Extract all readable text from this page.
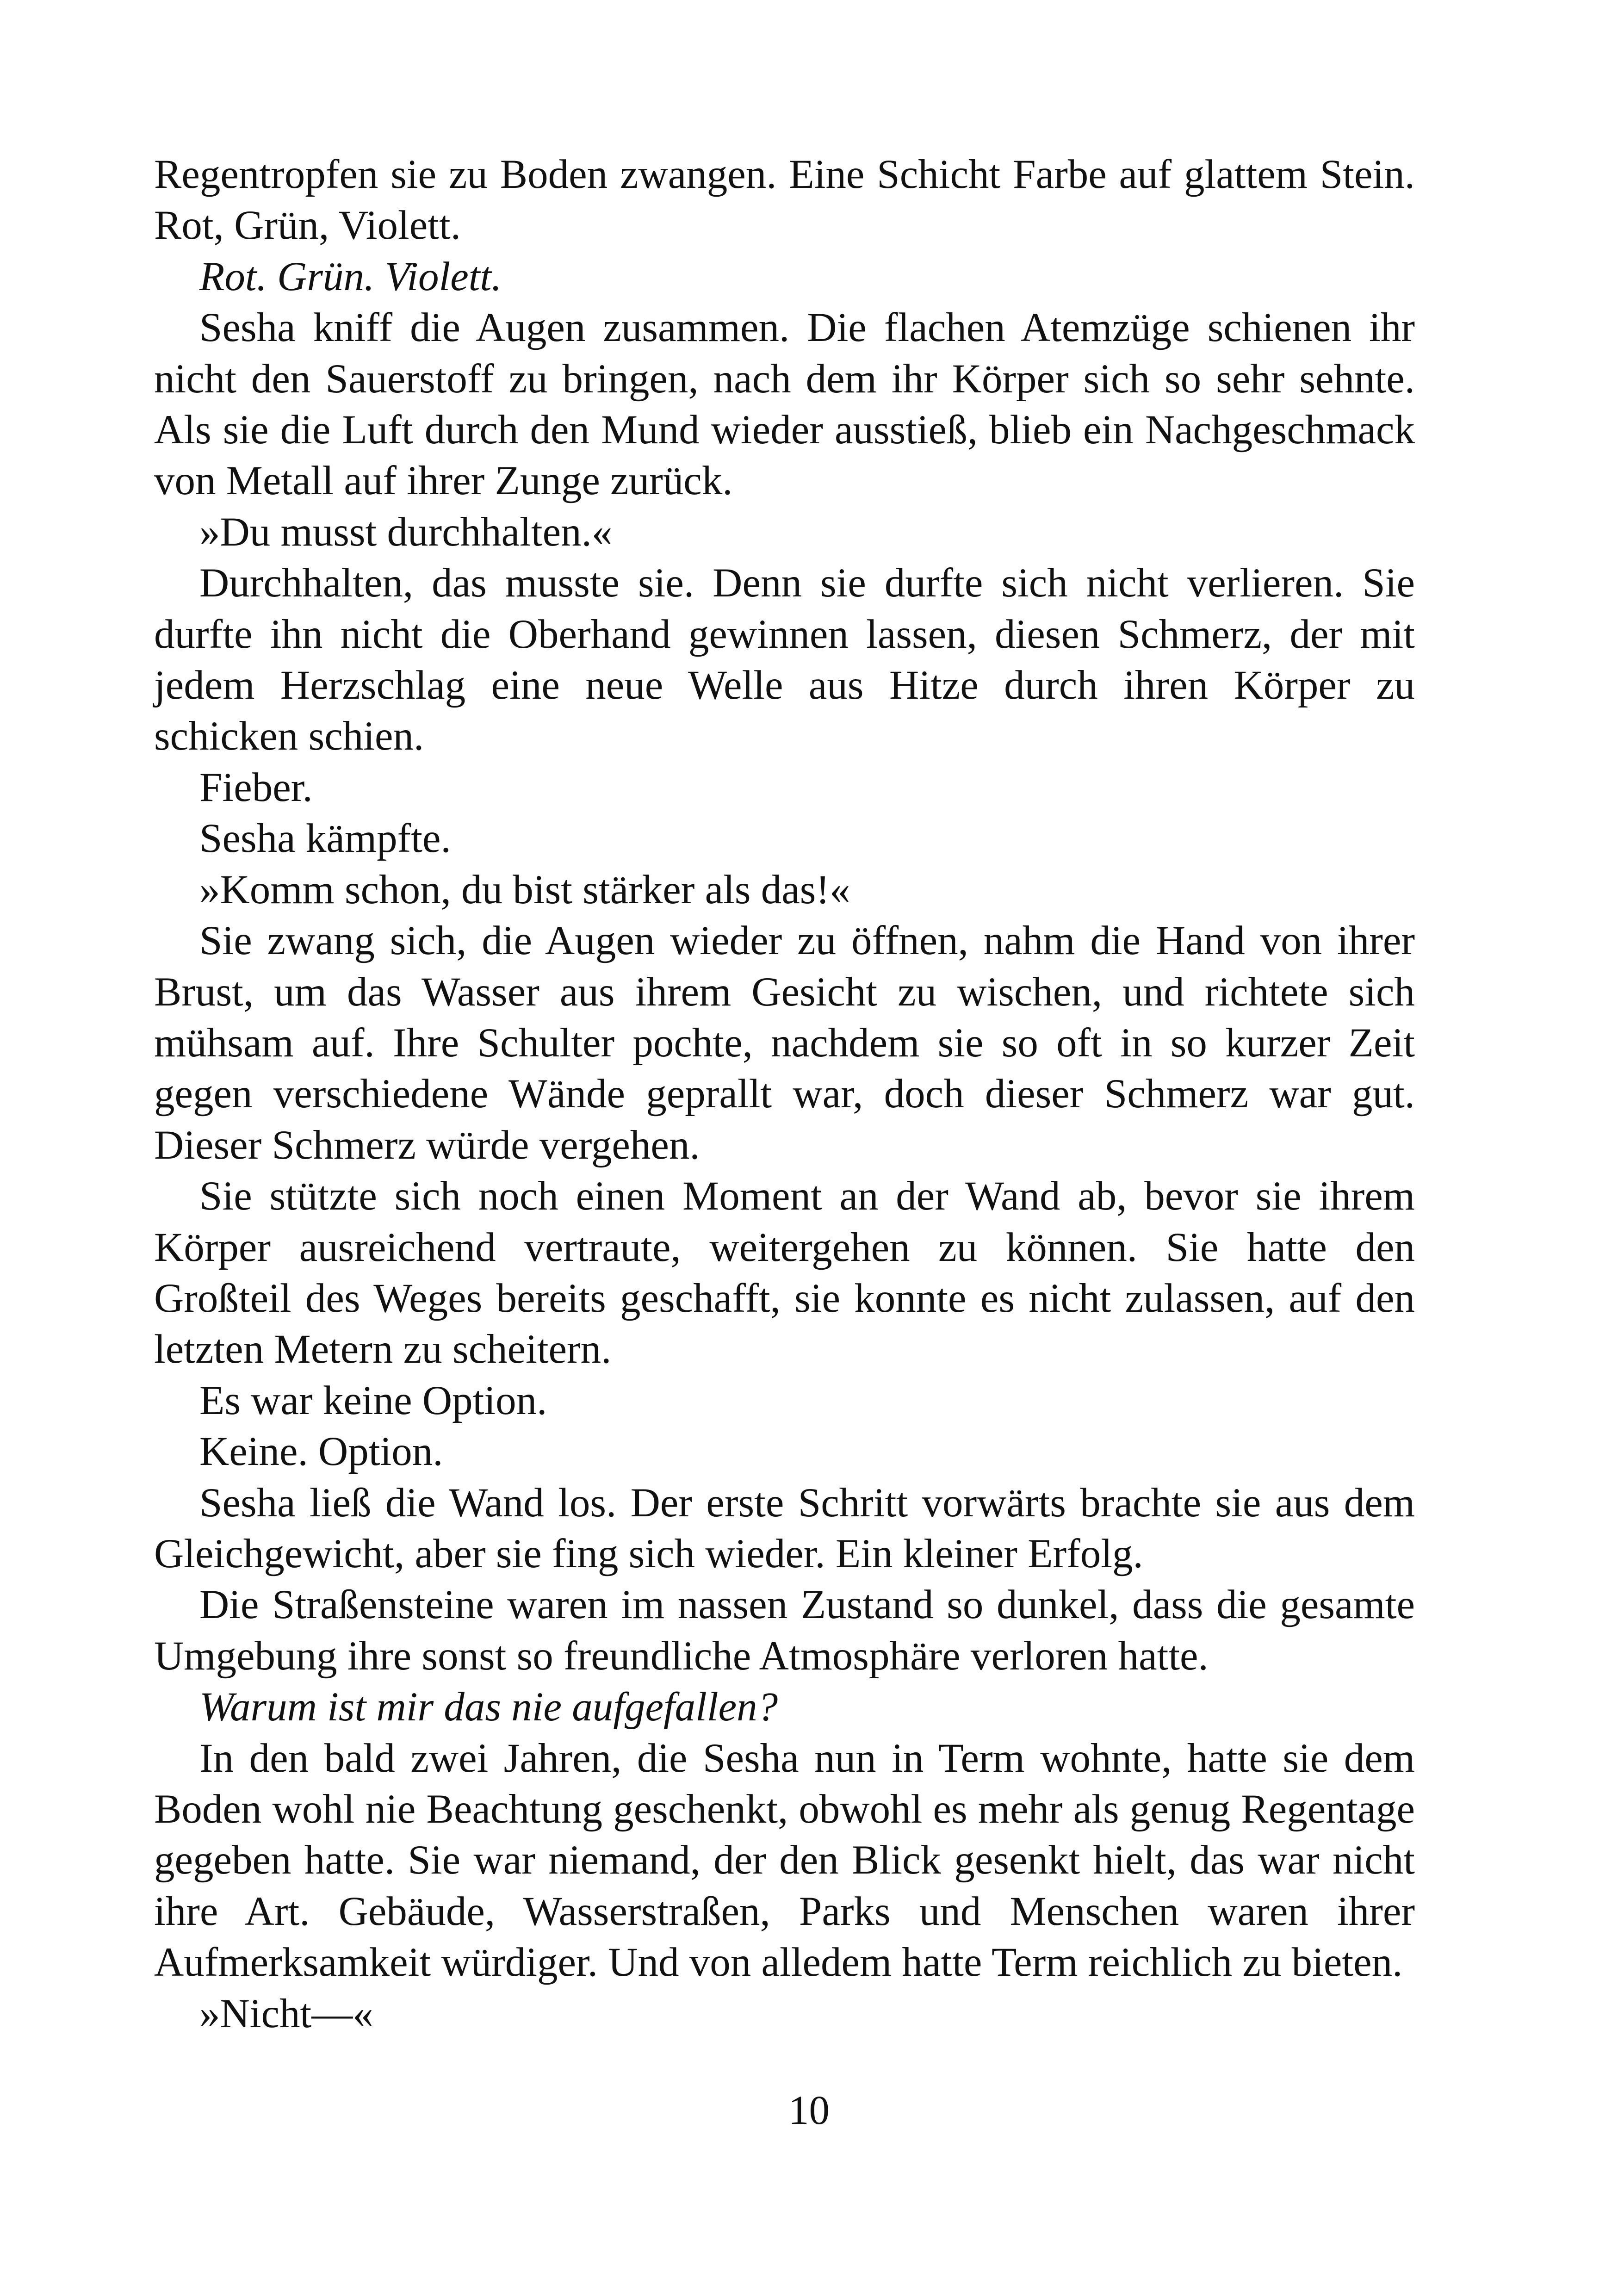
Regentropfen sie zu Boden zwangen. Eine Schicht Farbe auf glattem Stein. Rot, Grün, Violett.

Rot. Grün. Violett.

Sesha kniff die Augen zusammen. Die flachen Atemzüge schienen ihr nicht den Sauerstoff zu bringen, nach dem ihr Körper sich so sehr sehnte. Als sie die Luft durch den Mund wieder ausstieß, blieb ein Nachgeschmack von Metall auf ihrer Zunge zurück.

»Du musst durchhalten.«

Durchhalten, das musste sie. Denn sie durfte sich nicht verlieren. Sie durfte ihn nicht die Oberhand gewinnen lassen, diesen Schmerz, der mit jedem Herzschlag eine neue Welle aus Hitze durch ihren Körper zu schicken schien.

Fieber.

Sesha kämpfte.

»Komm schon, du bist stärker als das!«

Sie zwang sich, die Augen wieder zu öffnen, nahm die Hand von ihrer Brust, um das Wasser aus ihrem Gesicht zu wischen, und richtete sich mühsam auf. Ihre Schulter pochte, nachdem sie so oft in so kurzer Zeit gegen verschiedene Wände geprallt war, doch dieser Schmerz war gut. Dieser Schmerz würde vergehen.

Sie stützte sich noch einen Moment an der Wand ab, bevor sie ihrem Körper ausreichend vertraute, weitergehen zu können. Sie hatte den Großteil des Weges bereits geschafft, sie konnte es nicht zulassen, auf den letzten Metern zu scheitern.

Es war keine Option.

Keine. Option.

Sesha ließ die Wand los. Der erste Schritt vorwärts brachte sie aus dem Gleichgewicht, aber sie fing sich wieder. Ein kleiner Erfolg.

Die Straßensteine waren im nassen Zustand so dunkel, dass die gesamte Umgebung ihre sonst so freundliche Atmosphäre verloren hatte.

Warum ist mir das nie aufgefallen?

In den bald zwei Jahren, die Sesha nun in Term wohnte, hatte sie dem Boden wohl nie Beachtung geschenkt, obwohl es mehr als genug Regentage gegeben hatte. Sie war niemand, der den Blick gesenkt hielt, das war nicht ihre Art. Gebäude, Wasserstraßen, Parks und Menschen waren ihrer Aufmerksamkeit würdiger. Und von alledem hatte Term reichlich zu bieten.

»Nicht—«

10
